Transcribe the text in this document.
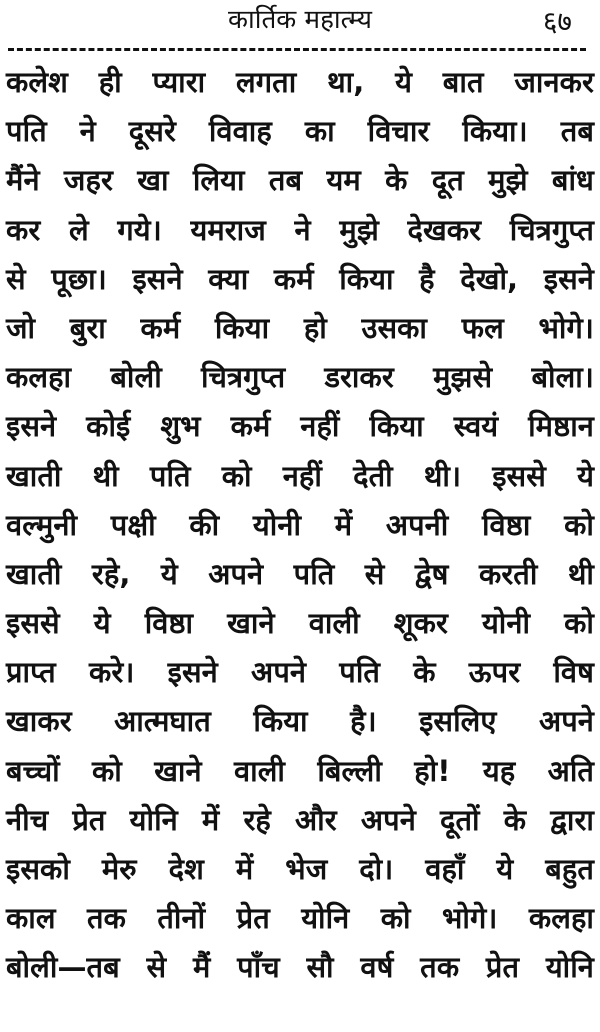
कार्तिक महात्म्य	६७
कलेश ही प्यारा लगता था, ये बात जानकर
पति ने दूसरे विवाह का विचार किया। तब
मैंने जहर खा लिया तब यम के दूत मुझे बांध
कर ले गये। यमराज ने मुझे देखकर चित्रगुप्त
से पूछा। इसने क्या कर्म किया है देखो, इसने
जो बुरा कर्म किया हो उसका फल भोगे।
कलहा बोली चित्रगुप्त डराकर मुझसे बोला।
इसने कोई शुभ कर्म नहीं किया स्वयं मिष्ठान
खाती थी पति को नहीं देती थी। इससे ये
वल्मुनी पक्षी की योनी में अपनी विष्ठा को
खाती रहे, ये अपने पति से द्वेष करती थी
इससे ये विष्ठा खाने वाली शूकर योनी को
प्राप्त करे। इसने अपने पति के ऊपर विष
खाकर आत्मघात किया है। इसलिए अपने
बच्चों को खाने वाली बिल्ली हो! यह अति
नीच प्रेत योनि में रहे और अपने दूतों के द्वारा
इसको मेरु देश में भेज दो। वहाँ ये बहुत
काल तक तीनों प्रेत योनि को भोगे। कलहा
बोली—तब से मैं पाँच सौ वर्ष तक प्रेत योनि
